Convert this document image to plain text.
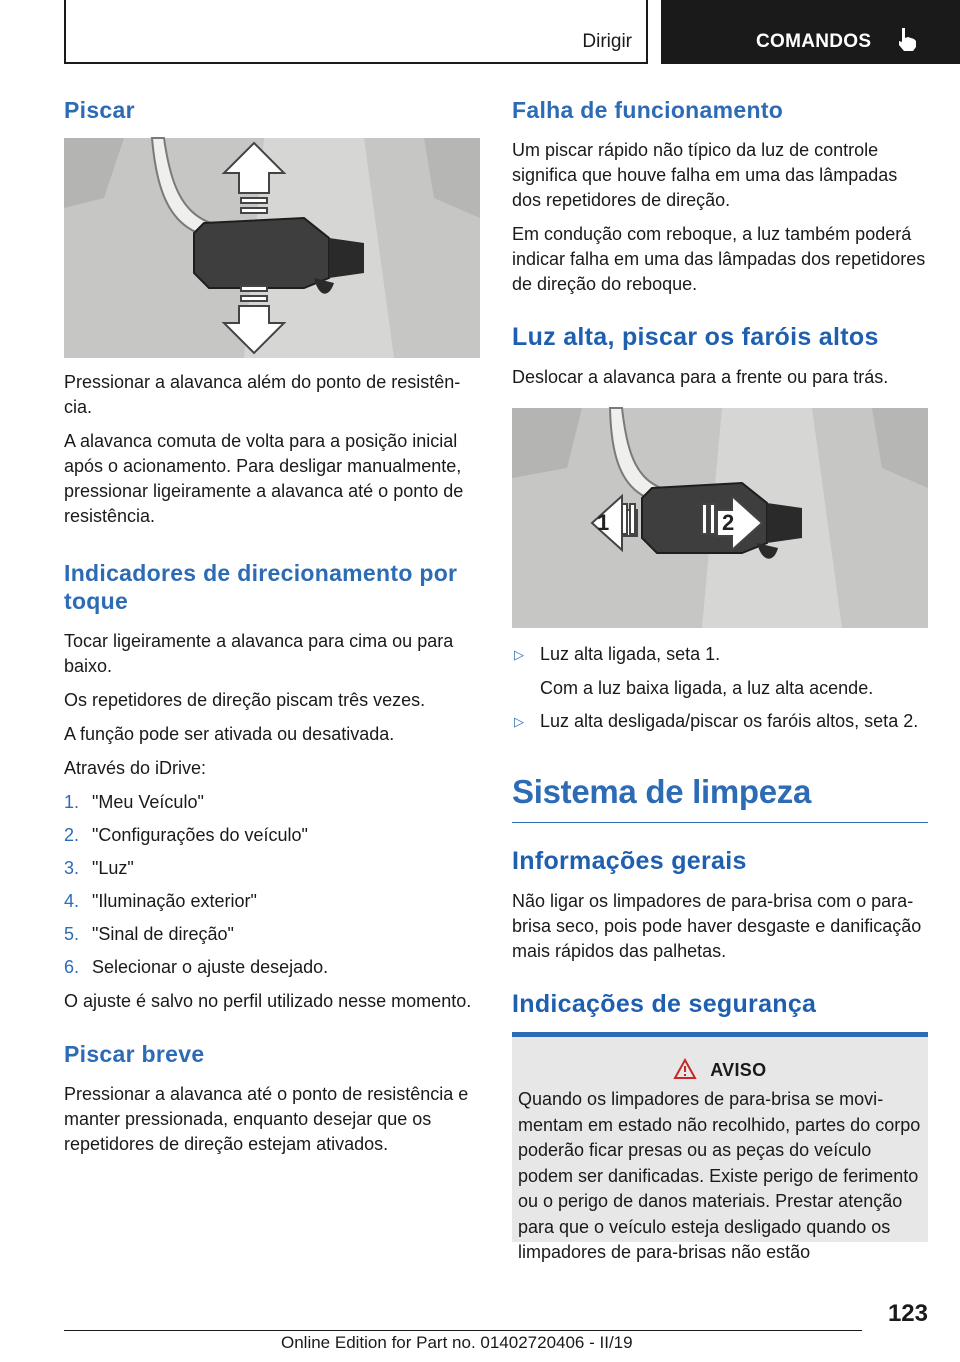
Dirigir	COMANDOS
Piscar

Pressionar a alavanca além do ponto de resistência.

A alavanca comuta de volta para a posição inicial após o acionamento. Para desligar manualmente, pressionar ligeiramente a alavanca até o ponto de resistência.

Indicadores de direcionamento por toque

Tocar ligeiramente a alavanca para cima ou para baixo.

Os repetidores de direção piscam três vezes.

A função pode ser ativada ou desativada.

Através do iDrive:

1. "Meu Veículo"
2. "Configurações do veículo"
3. "Luz"
4. "Iluminação exterior"
5. "Sinal de direção"
6. Selecionar o ajuste desejado.

O ajuste é salvo no perfil utilizado nesse momento.

Piscar breve

Pressionar a alavanca até o ponto de resistência e manter pressionada, enquanto desejar que os repetidores de direção estejam ativados.

Falha de funcionamento

Um piscar rápido não típico da luz de controle significa que houve falha em uma das lâmpadas dos repetidores de direção.

Em condução com reboque, a luz também poderá indicar falha em uma das lâmpadas dos repetidores de direção do reboque.

Luz alta, piscar os faróis altos

Deslocar a alavanca para a frente ou para trás.

1	2
▷ Luz alta ligada, seta 1.
Com a luz baixa ligada, a luz alta acende.
▷ Luz alta desligada/piscar os faróis altos, seta 2.
Sistema de limpeza
Informações gerais

Não ligar os limpadores de para-brisa com o para-brisa seco, pois pode haver desgaste e danificação mais rápidos das palhetas.

Indicações de segurança
AVISO

Quando os limpadores de para-brisa se movimentam em estado não recolhido, partes do corpo poderão ficar presas ou as peças do veículo podem ser danificadas. Existe perigo de ferimento ou o perigo de danos materiais. Prestar atenção para que o veículo esteja desligado quando os limpadores de para-brisas não estão

123
Online Edition for Part no. 01402720406 - II/19
